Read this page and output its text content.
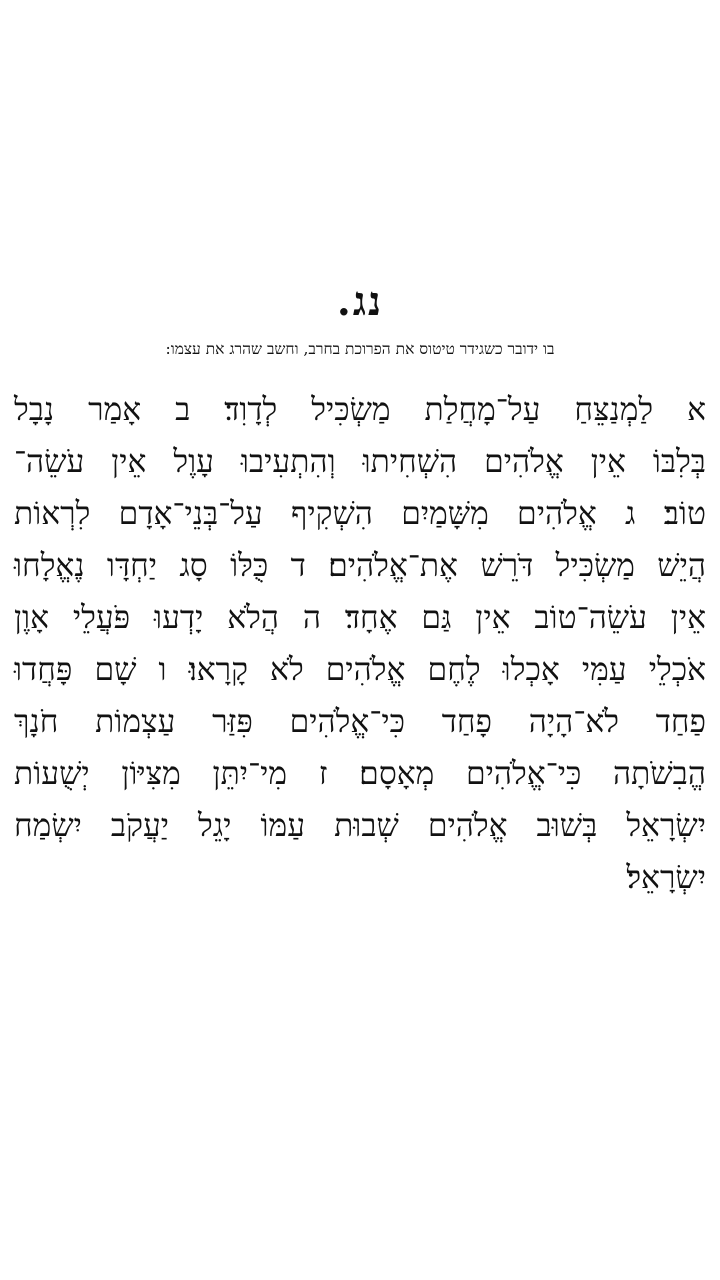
נג.
בו ידובר כשגידר טיטוס את הפרוכת בחרב, וחשב שהרג את עצמו:
א לַמְנַצֵּחַ עַל־מָחֲלַת מַשְׂכִּיל לְדָוִד׃ ב אָמַר נָבָל
בְּלִבּוֹ אֵין אֱלֹהִים הִשְׁחִיתוּ וְהִתְעִיבוּ עָוֶל אֵין עֹשֵׂה־
טוֹב׃ ג אֱלֹהִים מִשָּׁמַיִם הִשְׁקִיף עַל־בְּנֵי־אָדָם לִרְאוֹת
הֲיֵשׁ מַשְׂכִּיל דֹּרֵשׁ אֶת־אֱלֹהִים׃ ד כֻּלּוֹ סָג יַחְדָּו נֶאֱלָחוּ
אֵין עֹשֵׂה־טוֹב אֵין גַּם אֶחָד׃ ה הֲלֹא יָדְעוּ פֹּעֲלֵי אָוֶן
אֹכְלֵי עַמִּי אָכְלוּ לֶחֶם אֱלֹהִים לֹא קָרָאוּ׃ ו שָׁם פָּחֲדוּ
פַחַד לֹא־הָיָה פָחַד כִּי־אֱלֹהִים פִּזַּר עַצְמוֹת חֹנָךְ
הֱבִשֹׁתָה כִּי־אֱלֹהִים מְאָסָם׃ ז מִי־יִתֵּן מִצִּיּוֹן יְשֻׁעוֹת
יִשְׂרָאֵל בְּשׁוּב אֱלֹהִים שְׁבוּת עַמּוֹ יָגֵל יַעֲקֹב יִשְׂמַח
יִשְׂרָאֵל׃
